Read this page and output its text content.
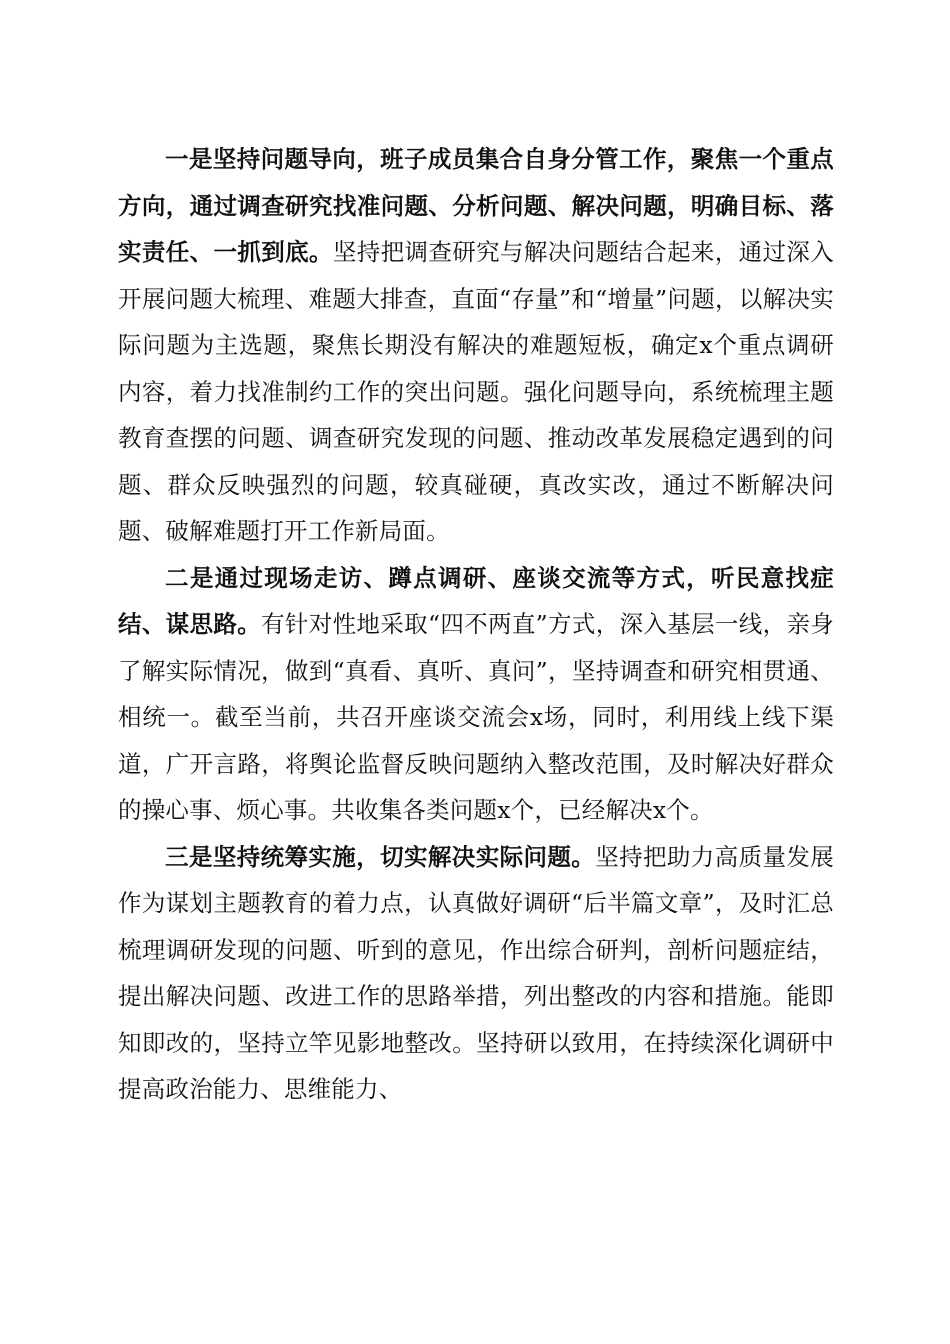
一是坚持问题导向，班子成员集合自身分管工作，聚焦一个重点方向，通过调查研究找准问题、分析问题、解决问题，明确目标、落实责任、一抓到底。坚持把调查研究与解决问题结合起来，通过深入开展问题大梳理、难题大排查，直面“存量”和“增量”问题，以解决实际问题为主选题，聚焦长期没有解决的难题短板，确定x个重点调研内容，着力找准制约工作的突出问题。强化问题导向，系统梳理主题教育查摆的问题、调查研究发现的问题、推动改革发展稳定遇到的问题、群众反映强烈的问题，较真碰硬，真改实改，通过不断解决问题、破解难题打开工作新局面。

二是通过现场走访、蹲点调研、座谈交流等方式，听民意找症结、谋思路。有针对性地采取“四不两直”方式，深入基层一线，亲身了解实际情况，做到“真看、真听、真问”，坚持调查和研究相贯通、相统一。截至当前，共召开座谈交流会x场，同时，利用线上线下渠道，广开言路，将舆论监督反映问题纳入整改范围，及时解决好群众的操心事、烦心事。共收集各类问题x个，已经解决x个。

三是坚持统筹实施，切实解决实际问题。坚持把助力高质量发展作为谋划主题教育的着力点，认真做好调研“后半篇文章”，及时汇总梳理调研发现的问题、听到的意见，作出综合研判，剖析问题症结，提出解决问题、改进工作的思路举措，列出整改的内容和措施。能即知即改的，坚持立竿见影地整改。坚持研以致用，在持续深化调研中提高政治能力、思维能力、
